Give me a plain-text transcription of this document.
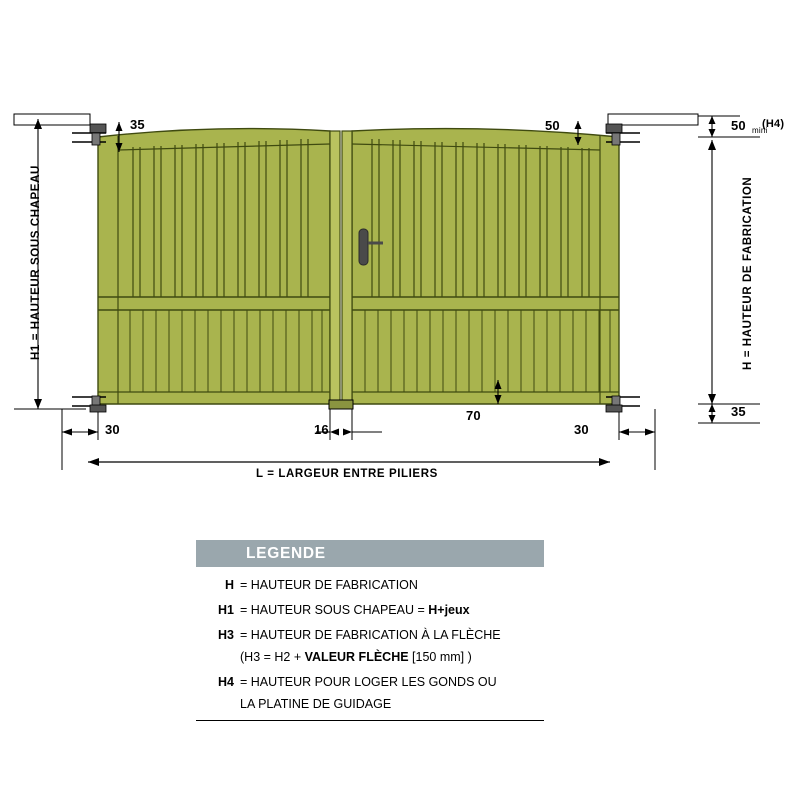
H1 = HAUTEUR SOUS CHAPEAU	H = HAUTEUR DE FABRICATION
35	50	50 mini
(H4)
35
70
30	16	30
L = LARGEUR ENTRE PILIERS
LEGENDE
H = HAUTEUR DE FABRICATION
H1 = HAUTEUR SOUS CHAPEAU = H+jeux
H3 = HAUTEUR DE FABRICATION À LA FLÈCHE
(H3 = H2 + VALEUR FLÈCHE [150 mm] )
H4 = HAUTEUR POUR LOGER LES GONDS OU
LA PLATINE DE GUIDAGE
